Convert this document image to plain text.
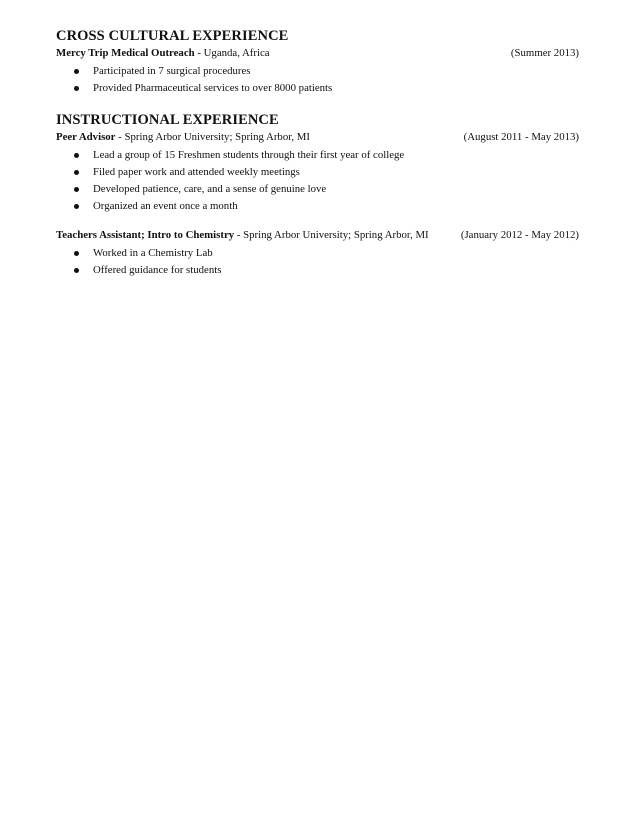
CROSS CULTURAL EXPERIENCE
Mercy Trip Medical Outreach - Uganda, Africa	(Summer 2013)
Participated in 7 surgical procedures
Provided Pharmaceutical services to over 8000 patients
INSTRUCTIONAL EXPERIENCE
Peer Advisor - Spring Arbor University; Spring Arbor, MI	(August 2011 - May 2013)
Lead a group of 15 Freshmen students through their first year of college
Filed paper work and attended weekly meetings
Developed patience, care, and a sense of genuine love
Organized an event once a month
Teachers Assistant; Intro to Chemistry - Spring Arbor University; Spring Arbor, MI	(January 2012 - May 2012)
Worked in a Chemistry Lab
Offered guidance for students
